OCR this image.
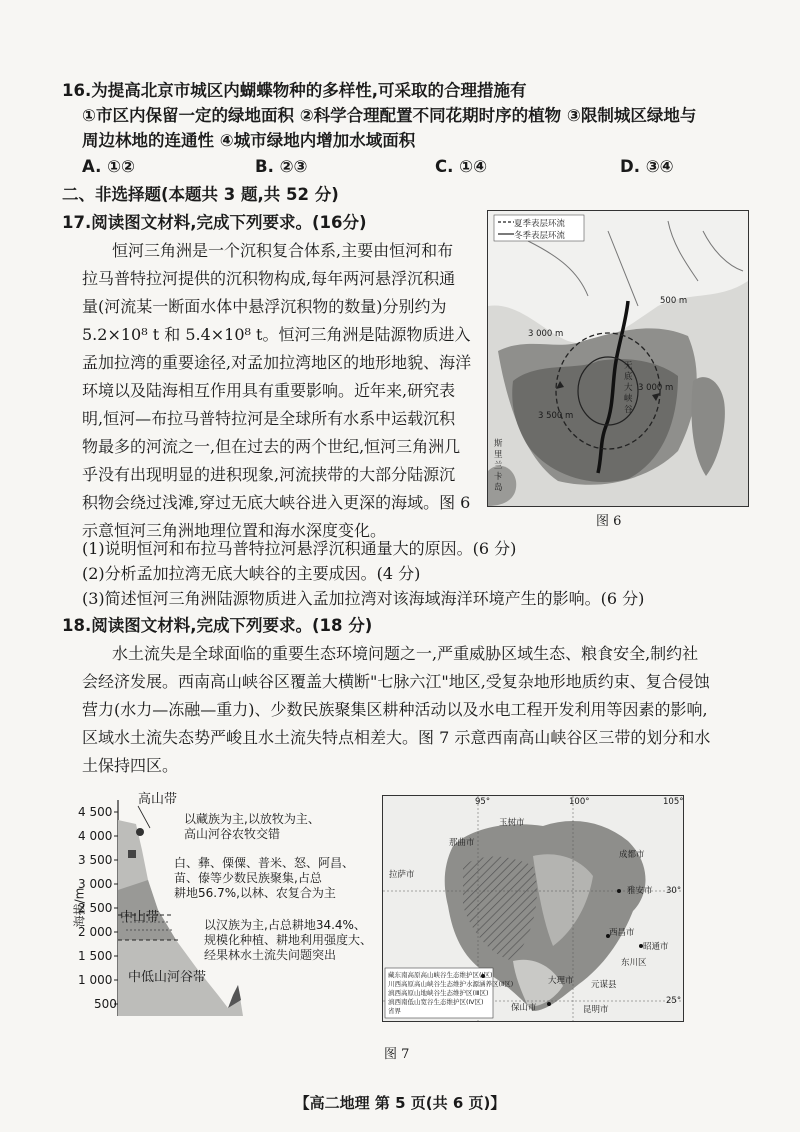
16.为提高北京市城区内蝴蝶物种的多样性,可采取的合理措施有
①市区内保留一定的绿地面积 ②科学合理配置不同花期时序的植物 ③限制城区绿地与
周边林地的连通性 ④城市绿地内增加水域面积
A. ①②	B. ②③	C. ①④	D. ③④
二、非选择题(本题共 3 题,共 52 分)
17.阅读图文材料,完成下列要求。(16分)
恒河三角洲是一个沉积复合体系,主要由恒河和布
拉马普特拉河提供的沉积物构成,每年两河悬浮沉积通
量(河流某一断面水体中悬浮沉积物的数量)分别约为
5.2×10⁸ t 和 5.4×10⁸ t。恒河三角洲是陆源物质进入
孟加拉湾的重要途径,对孟加拉湾地区的地形地貌、海洋
环境以及陆海相互作用具有重要影响。近年来,研究表
明,恒河—布拉马普特拉河是全球所有水系中运载沉积
物最多的河流之一,但在过去的两个世纪,恒河三角洲几
乎没有出现明显的进积现象,河流挟带的大部分陆源沉
积物会绕过浅滩,穿过无底大峡谷进入更深的海域。图 6
示意恒河三角洲地理位置和海水深度变化。
夏季表层环流
冬季表层环流
500 m
3 000 m
3 000 m
3 500 m
无底大峡谷
斯里兰卡岛
图 6
(1)说明恒河和布拉马普特拉河悬浮沉积通量大的原因。(6 分)
(2)分析孟加拉湾无底大峡谷的主要成因。(4 分)
(3)简述恒河三角洲陆源物质进入孟加拉湾对该海域海洋环境产生的影响。(6 分)
18.阅读图文材料,完成下列要求。(18 分)
水土流失是全球面临的重要生态环境问题之一,严重威胁区域生态、粮食安全,制约社
会经济发展。西南高山峡谷区覆盖大横断"七脉六江"地区,受复杂地形地质约束、复合侵蚀
营力(水力—冻融—重力)、少数民族聚集区耕种活动以及水电工程开发利用等因素的影响,
区域水土流失态势严峻且水土流失特点相差大。图 7 示意西南高山峡谷区三带的划分和水
土保持四区。
4 500
4 000
3 500
3 000
2 500
2 000
1 500
1 000
500
海拔/m
高山带
中山带
中低山河谷带
以藏族为主,以放牧为主、
高山河谷农牧交错
白、彝、傈僳、普米、怒、阿昌、
苗、傣等少数民族聚集,占总
耕地56.7%,以林、农复合为主
以汉族为主,占总耕地34.4%、
规模化种植、耕地利用强度大、
经果林水土流失问题突出
95°	100°	105°
30°
25°
玉树市
那曲市
拉萨市
成都市
雅安市
昭通市
西昌市
东川区
大理市 元谋县
昆明市
保山市
藏东南高原高山峡谷生态维护区(Ⅰ区)
川西高原高山峡谷生态维护水源涵养区(Ⅱ区)
滇西高原山地峡谷生态维护区(Ⅲ区)
滇西南低山宽谷生态维护区(Ⅳ区)
省界
图 7
【高二地理 第 5 页(共 6 页)】
